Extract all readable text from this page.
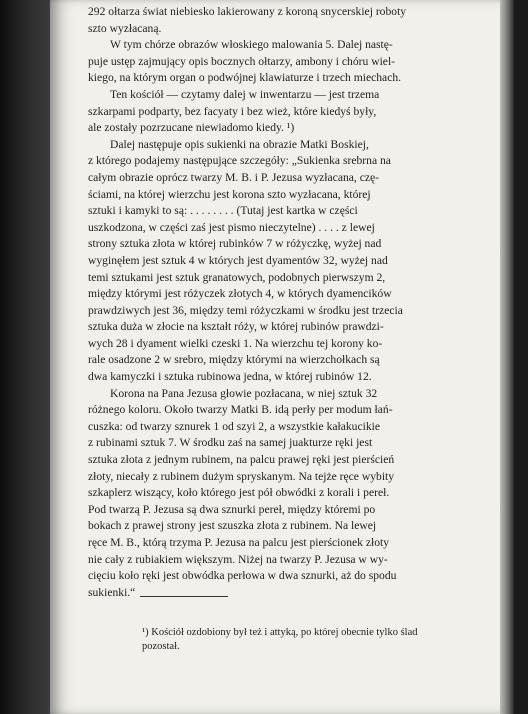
292 ołtarza świat niebiesko lakierowany z koroną snycerskiej roboty
szto wyzłacaną.
W tym chórze obrazów włoskiego malowania 5. Dalej nastę-
puje ustęp zajmujący opis bocznych ołtarzy, ambony i chóru wiel-
kiego, na którym organ o podwójnej klawiaturze i trzech miechach.
Ten kościół — czytamy dalej w inwentarzu — jest trzema
szkarpami podparty, bez facyaty i bez wież, które kiedyś były,
ale zostały pozrzucane niewiadomo kiedy. ¹)
Dalej następuje opis sukienki na obrazie Matki Boskiej,
z którego podajemy następujące szczegóły: „Sukienka srebrna na
całym obrazie oprócz twarzy M. B. i P. Jezusa wyzłacana, czę-
ściami, na której wierzchu jest korona szto wyzłacana, której
sztuki i kamyki to są: . . . . . . . . (Tutaj jest kartka w części
uszkodzona, w części zaś jest pismo nieczytelne) . . . . z lewej
strony sztuka złota w której rubinków 7 w różyczkę, wyżej nad
wyginęłem jest sztuk 4 w których jest dyamentów 32, wyżej nad
temi sztukami jest sztuk granatowych, podobnych pierwszym 2,
między którymi jest różyczek złotych 4, w których dyamencików
prawdziwych jest 36, między temi różyczkami w środku jest trzecia
sztuka duża w złocie na kształt róży, w której rubinów prawdzi-
wych 28 i dyament wielki czeski 1. Na wierzchu tej korony ko-
rale osadzone 2 w srebro, między którymi na wierzchołkach są
dwa kamyczki i sztuka rubinowa jedna, w której rubinów 12.
Korona na Pana Jezusa głowie pozłacana, w niej sztuk 32
różnego koloru. Około twarzy Matki B. idą perły per modum łań-
cuszka: od twarzy sznurek 1 od szyi 2, a wszystkie kałakucikie
z rubinami sztuk 7. W środku zaś na samej juakturze ręki jest
sztuka złota z jednym rubinem, na palcu prawej ręki jest pierścień
złoty, niecały z rubinem dużym spryskanym. Na tejże ręce wybity
szkaplerz wiszący, koło którego jest pół obwódki z korali i pereł.
Pod twarzą P. Jezusa są dwa sznurki pereł, między któremi po
bokach z prawej strony jest szuszka złota z rubinem. Na lewej
ręce M. B., którą trzyma P. Jezusa na palcu jest pierścionek złoty
nie cały z rubiakiem większym. Niżej na twarzy P. Jezusa w wy-
cięciu koło ręki jest obwódka perłowa w dwa sznurki, aż do spodu
sukienki.“
¹) Kościół ozdobiony był też i attyką, po której obecnie tylko ślad
pozostał.
